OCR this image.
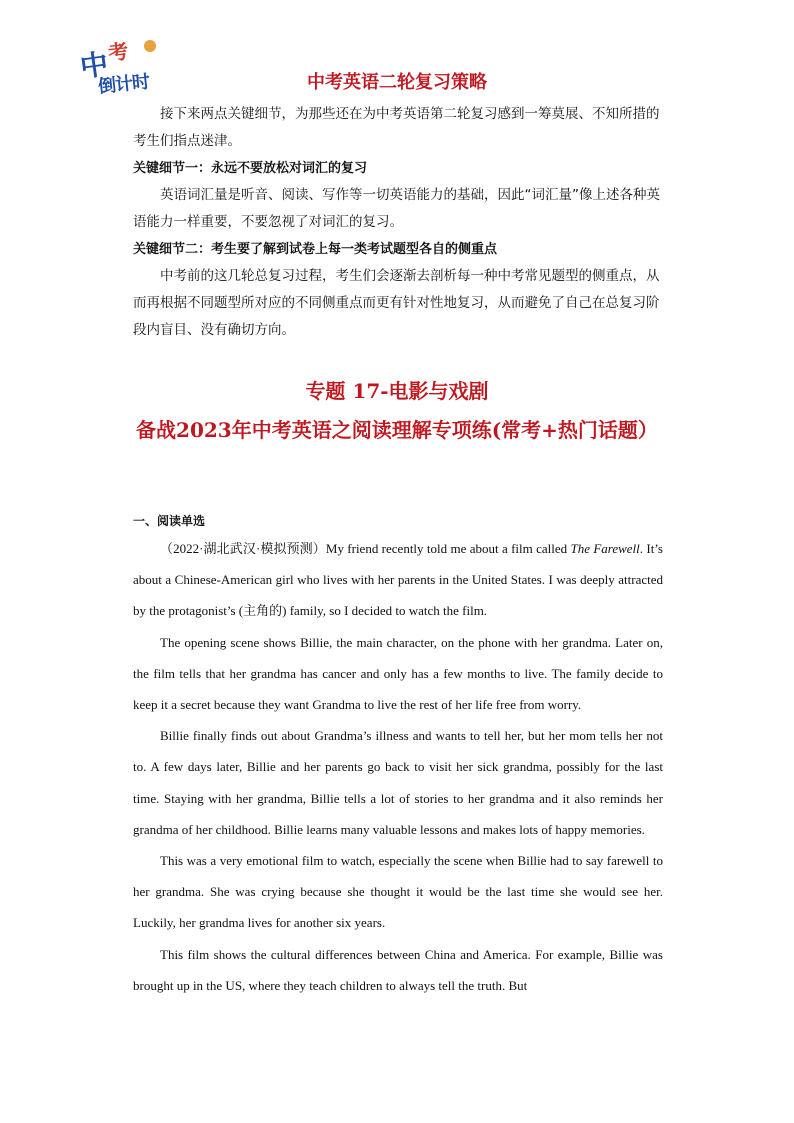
中
考
倒计时	中考英语二轮复习策略
接下来两点关键细节，为那些还在为中考英语第二轮复习感到一筹莫展、不知所措的考生们指点迷津。
关键细节一：永远不要放松对词汇的复习
英语词汇量是听音、阅读、写作等一切英语能力的基础，因此“词汇量”像上述各种英语能力一样重要，不要忽视了对词汇的复习。
关键细节二：考生要了解到试卷上每一类考试题型各自的侧重点
中考前的这几轮总复习过程，考生们会逐渐去剖析每一种中考常见题型的侧重点，从而再根据不同题型所对应的不同侧重点而更有针对性地复习，从而避免了自己在总复习阶段内盲目、没有确切方向。
专题 17-电影与戏剧
备战2023年中考英语之阅读理解专项练(常考+热门话题）
一、阅读单选

（2022·湖北武汉·模拟预测）My friend recently told me about a film called The Farewell. It’s about a Chinese-American girl who lives with her parents in the United States. I was deeply attracted by the protagonist’s (主角的) family, so I decided to watch the film.

The opening scene shows Billie, the main character, on the phone with her grandma. Later on, the film tells that her grandma has cancer and only has a few months to live. The family decide to keep it a secret because they want Grandma to live the rest of her life free from worry.

Billie finally finds out about Grandma’s illness and wants to tell her, but her mom tells her not to. A few days later, Billie and her parents go back to visit her sick grandma, possibly for the last time. Staying with her grandma, Billie tells a lot of stories to her grandma and it also reminds her grandma of her childhood. Billie learns many valuable lessons and makes lots of happy memories.

This was a very emotional film to watch, especially the scene when Billie had to say farewell to her grandma. She was crying because she thought it would be the last time she would see her. Luckily, her grandma lives for another six years.

This film shows the cultural differences between China and America. For example, Billie was brought up in the US, where they teach children to always tell the truth. But
